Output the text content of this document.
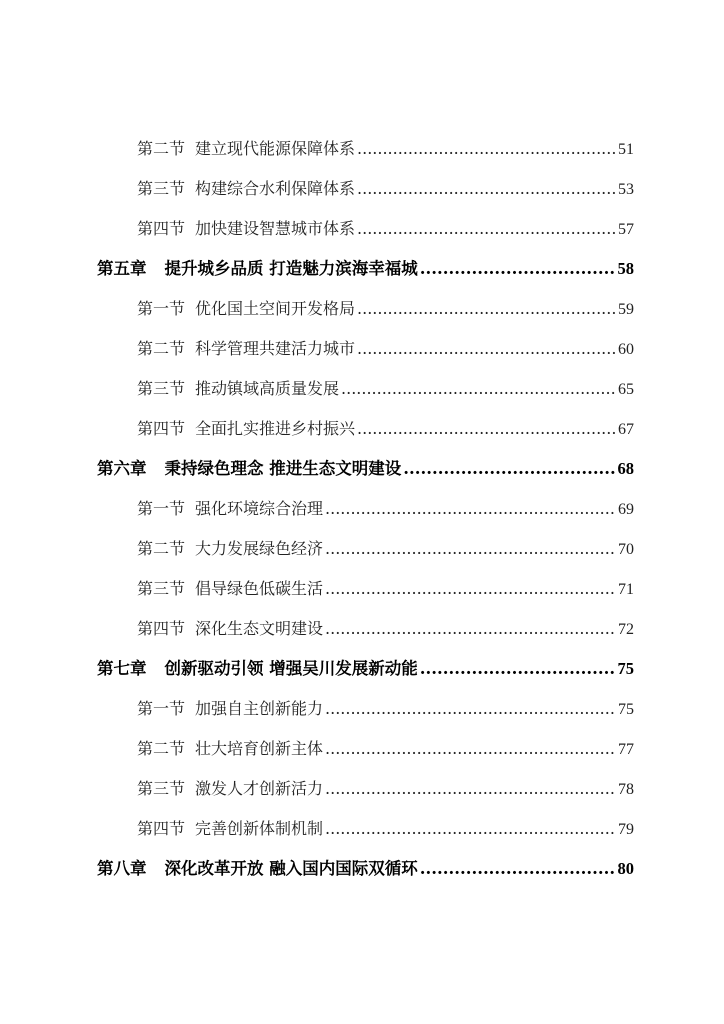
第二节 建立现代能源保障体系 .....	51
第三节 构建综合水利保障体系 .....	53
第四节 加快建设智慧城市体系 .....	57
第五章 提升城乡品质 打造魅力滨海幸福城 .....	58
第一节 优化国土空间开发格局 .....	59
第二节 科学管理共建活力城市 .....	60
第三节 推动镇域高质量发展 .....	65
第四节 全面扎实推进乡村振兴 .....	67
第六章 秉持绿色理念 推进生态文明建设 .....	68
第一节 强化环境综合治理 .....	69
第二节 大力发展绿色经济 .....	70
第三节 倡导绿色低碳生活 .....	71
第四节 深化生态文明建设 .....	72
第七章 创新驱动引领 增强吴川发展新动能 .....	75
第一节 加强自主创新能力 .....	75
第二节 壮大培育创新主体 .....	77
第三节 激发人才创新活力 .....	78
第四节 完善创新体制机制 .....	79
第八章 深化改革开放 融入国内国际双循环 .....	80
